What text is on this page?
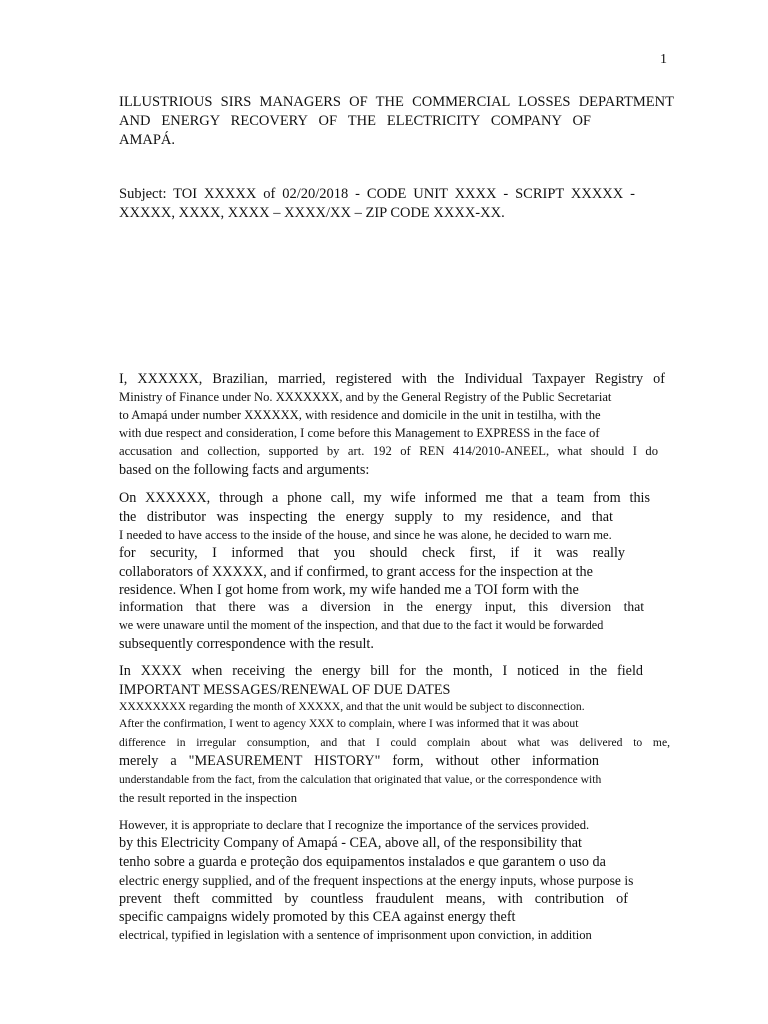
1
ILLUSTRIOUS SIRS MANAGERS OF THE COMMERCIAL LOSSES DEPARTMENT
AND ENERGY RECOVERY OF THE ELECTRICITY COMPANY OF
AMAPÁ.
Subject: TOI XXXXX of 02/20/2018 - CODE UNIT XXXX - SCRIPT XXXXX -
XXXXX, XXXX, XXXX – XXXX/XX – ZIP CODE XXXX-XX.
I, XXXXXX, Brazilian, married, registered with the Individual Taxpayer Registry of
Ministry of Finance under No. XXXXXXX, and by the General Registry of the Public Secretariat
to Amapá under number XXXXXX, with residence and domicile in the unit in testilha, with the
with due respect and consideration, I come before this Management to EXPRESS in the face of
accusation and collection, supported by art. 192 of REN 414/2010-ANEEL, what should I do
based on the following facts and arguments:
On XXXXXX, through a phone call, my wife informed me that a team from this
the distributor was inspecting the energy supply to my residence, and that
I needed to have access to the inside of the house, and since he was alone, he decided to warn me.
for security, I informed that you should check first, if it was really
collaborators of XXXXX, and if confirmed, to grant access for the inspection at the
residence. When I got home from work, my wife handed me a TOI form with the
information that there was a diversion in the energy input, this diversion that
we were unaware until the moment of the inspection, and that due to the fact it would be forwarded
subsequently correspondence with the result.
In XXXX when receiving the energy bill for the month, I noticed in the field
IMPORTANT MESSAGES/RENEWAL OF DUE DATES
XXXXXXXX regarding the month of XXXXX, and that the unit would be subject to disconnection.
After the confirmation, I went to agency XXX to complain, where I was informed that it was about
difference in irregular consumption, and that I could complain about what was delivered to me,
merely a "MEASUREMENT HISTORY" form, without other information
understandable from the fact, from the calculation that originated that value, or the correspondence with
the result reported in the inspection
However, it is appropriate to declare that I recognize the importance of the services provided.
by this Electricity Company of Amapá - CEA, above all, of the responsibility that
tenho sobre a guarda e proteção dos equipamentos instalados e que garantem o uso da
electric energy supplied, and of the frequent inspections at the energy inputs, whose purpose is
prevent theft committed by countless fraudulent means, with contribution of
specific campaigns widely promoted by this CEA against energy theft
electrical, typified in legislation with a sentence of imprisonment upon conviction, in addition
